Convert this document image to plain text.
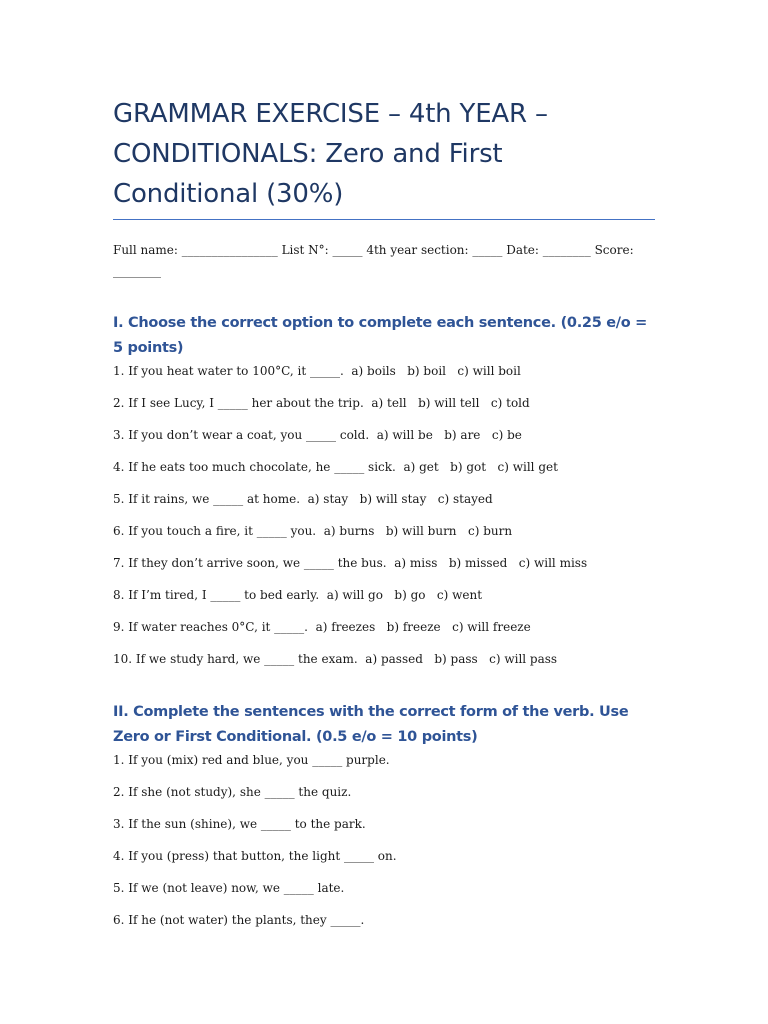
GRAMMAR EXERCISE – 4th YEAR – CONDITIONALS: Zero and First Conditional (30%)
Full name: ________________ List N°: _____ 4th year section: _____ Date: ________ Score: ________
I. Choose the correct option to complete each sentence. (0.25 e/o = 5 points)
1. If you heat water to 100°C, it _____.  a) boils   b) boil   c) will boil
2. If I see Lucy, I _____ her about the trip.  a) tell   b) will tell   c) told
3. If you don’t wear a coat, you _____ cold.  a) will be   b) are   c) be
4. If he eats too much chocolate, he _____ sick.  a) get   b) got   c) will get
5. If it rains, we _____ at home.  a) stay   b) will stay   c) stayed
6. If you touch a fire, it _____ you.  a) burns   b) will burn   c) burn
7. If they don’t arrive soon, we _____ the bus.  a) miss   b) missed   c) will miss
8. If I’m tired, I _____ to bed early.  a) will go   b) go   c) went
9. If water reaches 0°C, it _____.  a) freezes   b) freeze   c) will freeze
10. If we study hard, we _____ the exam.  a) passed   b) pass   c) will pass
II. Complete the sentences with the correct form of the verb. Use Zero or First Conditional. (0.5 e/o = 10 points)
1. If you (mix) red and blue, you _____ purple.
2. If she (not study), she _____ the quiz.
3. If the sun (shine), we _____ to the park.
4. If you (press) that button, the light _____ on.
5. If we (not leave) now, we _____ late.
6. If he (not water) the plants, they _____.
